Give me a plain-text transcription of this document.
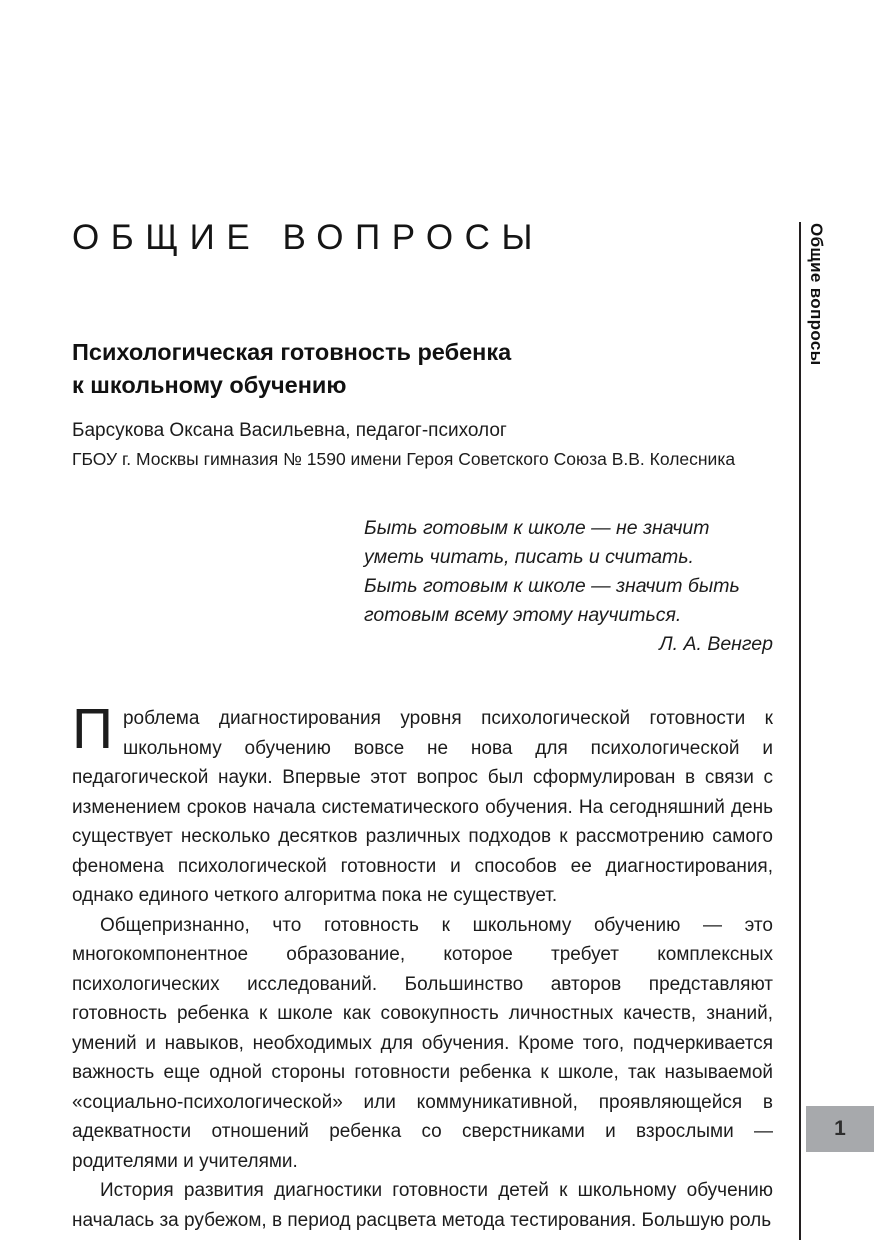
Общие вопросы
1
ОБЩИЕ ВОПРОСЫ
Психологическая готовность ребенка
к школьному обучению
Барсукова Оксана Васильевна, педагог-психолог
ГБОУ г. Москвы гимназия № 1590 имени Героя Советского Союза В.В. Колесника
Быть готовым к школе — не значит
уметь читать, писать и считать.
Быть готовым к школе — значит быть
готовым всему этому научиться.
Л. А. Венгер

Проблема диагностирования уровня психологической готовности к школьному обучению вовсе не нова для психологической и педагогической науки. Впервые этот вопрос был сформулирован в связи с изменением сроков начала систематического обучения. На сегодняшний день существует несколько десятков различных подходов к рассмотрению самого феномена психологической готовности и способов ее диагностирования, однако единого четкого алгоритма пока не существует.

Общепризнанно, что готовность к школьному обучению — это многокомпонентное образование, которое требует комплексных психологических исследований. Большинство авторов представляют готовность ребенка к школе как совокупность личностных качеств, знаний, умений и навыков, необходимых для обучения. Кроме того, подчеркивается важность еще одной стороны готовности ребенка к школе, так называемой «социально-психологической» или коммуникативной, проявляющейся в адекватности отношений ребенка со сверстниками и взрослыми — родителями и учителями.

История развития диагностики готовности детей к школьному обучению началась за рубежом, в период расцвета метода тестирования. Большую роль
